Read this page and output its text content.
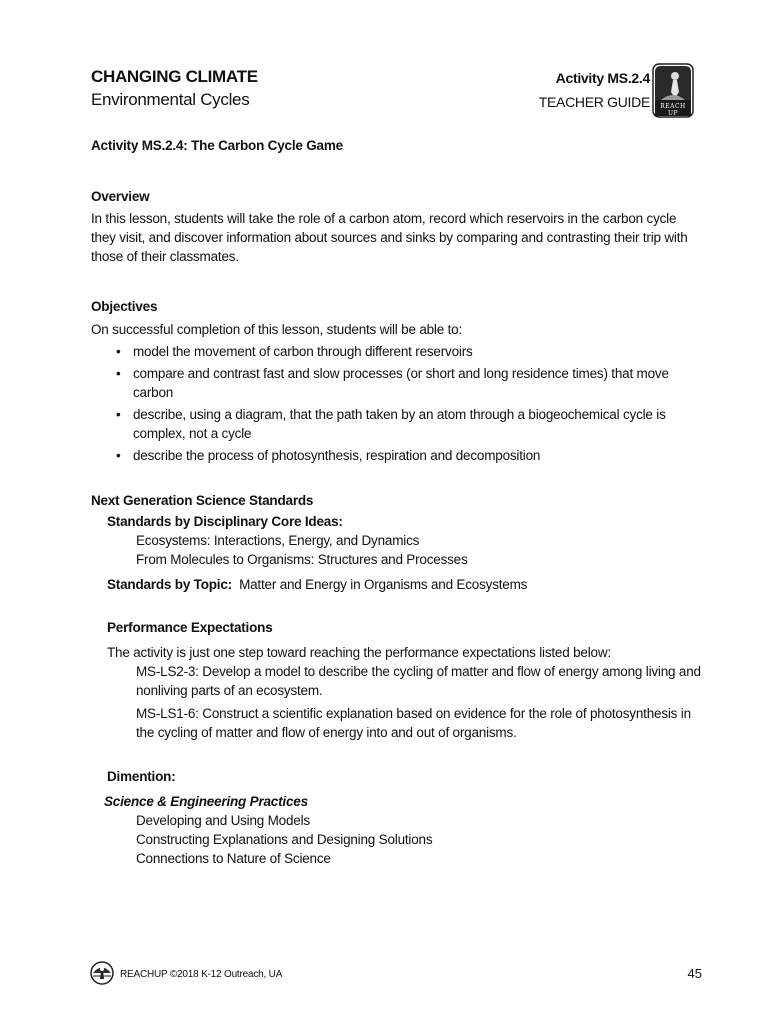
CHANGING CLIMATE
Environmental Cycles
Activity MS.2.4
TEACHER GUIDE REACH
UP
Activity MS.2.4: The Carbon Cycle Game
Overview

In this lesson, students will take the role of a carbon atom, record which reservoirs in the carbon cycle they visit, and discover information about sources and sinks by comparing and contrasting their trip with those of their classmates.

Objectives

On successful completion of this lesson, students will be able to:

• model the movement of carbon through different reservoirs
• compare and contrast fast and slow processes (or short and long residence times) that move carbon
• describe, using a diagram, that the path taken by an atom through a biogeochemical cycle is complex, not a cycle
• describe the process of photosynthesis, respiration and decomposition
Next Generation Science Standards
Standards by Disciplinary Core Ideas:
Ecosystems: Interactions, Energy, and Dynamics
From Molecules to Organisms: Structures and Processes
Standards by Topic: Matter and Energy in Organisms and Ecosystems
Performance Expectations
The activity is just one step toward reaching the performance expectations listed below:
MS-LS2-3: Develop a model to describe the cycling of matter and flow of energy among living and nonliving parts of an ecosystem.
MS-LS1-6: Construct a scientific explanation based on evidence for the role of photosynthesis in the cycling of matter and flow of energy into and out of organisms.
Dimention:
Science & Engineering Practices
Developing and Using Models
Constructing Explanations and Designing Solutions
Connections to Nature of Science
REACHUP ©2018 K-12 Outreach, UA	45
